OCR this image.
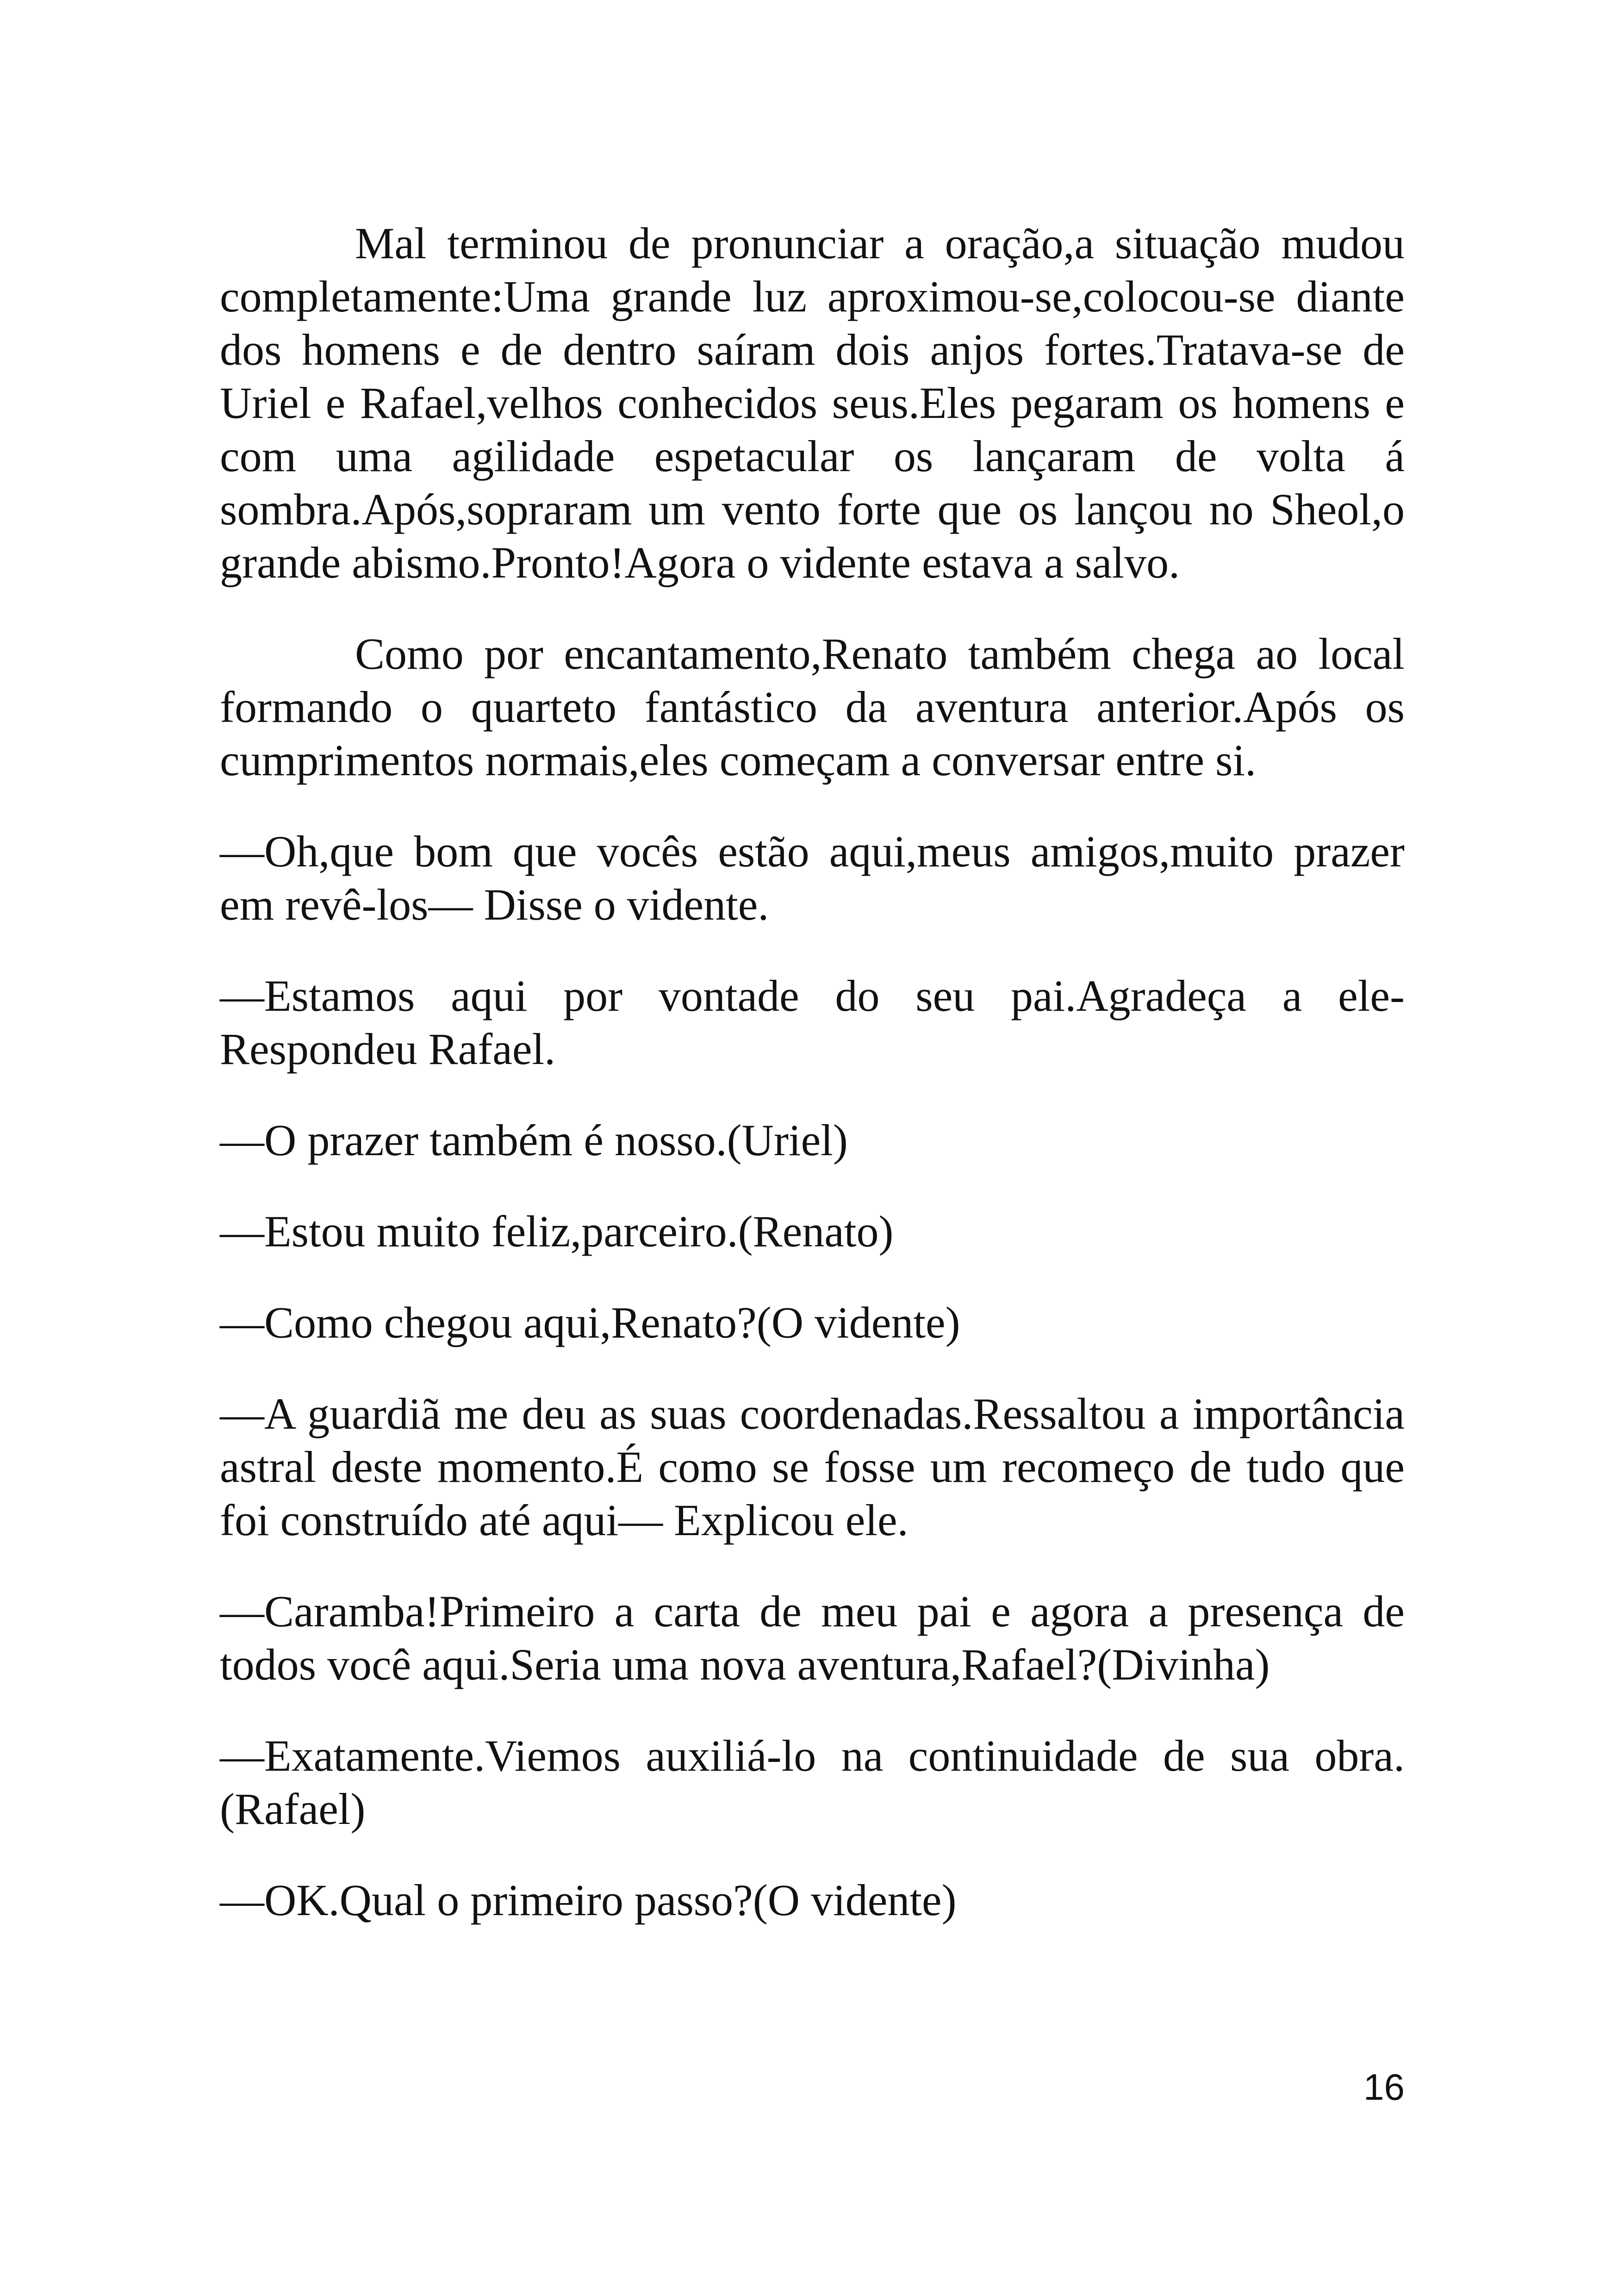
Mal terminou de pronunciar a oração,a situação mudou completamente:Uma grande luz aproximou-se,colocou-se diante dos homens e de dentro saíram dois anjos fortes.Tratava-se de Uriel e Rafael,velhos conhecidos seus.Eles pegaram os homens e com uma agilidade espetacular os lançaram de volta á sombra.Após,sopraram um vento forte que os lançou no Sheol,o grande abismo.Pronto!Agora o vidente estava a salvo.

Como por encantamento,Renato também chega ao local formando o quarteto fantástico da aventura anterior.Após os cumprimentos normais,eles começam a conversar entre si.

—Oh,que bom que vocês estão aqui,meus amigos,muito prazer em revê-los— Disse o vidente.

—Estamos aqui por vontade do seu pai.Agradeça a ele- Respondeu Rafael.

—O prazer também é nosso.(Uriel)

—Estou muito feliz,parceiro.(Renato)

—Como chegou aqui,Renato?(O vidente)

—A guardiã me deu as suas coordenadas.Ressaltou a importância astral deste momento.É como se fosse um recomeço de tudo que foi construído até aqui— Explicou ele.

—Caramba!Primeiro a carta de meu pai e agora a presença de todos você aqui.Seria uma nova aventura,Rafael?(Divinha)

—Exatamente.Viemos auxiliá-lo na continuidade de sua obra.(Rafael)

—OK.Qual o primeiro passo?(O vidente)

16
